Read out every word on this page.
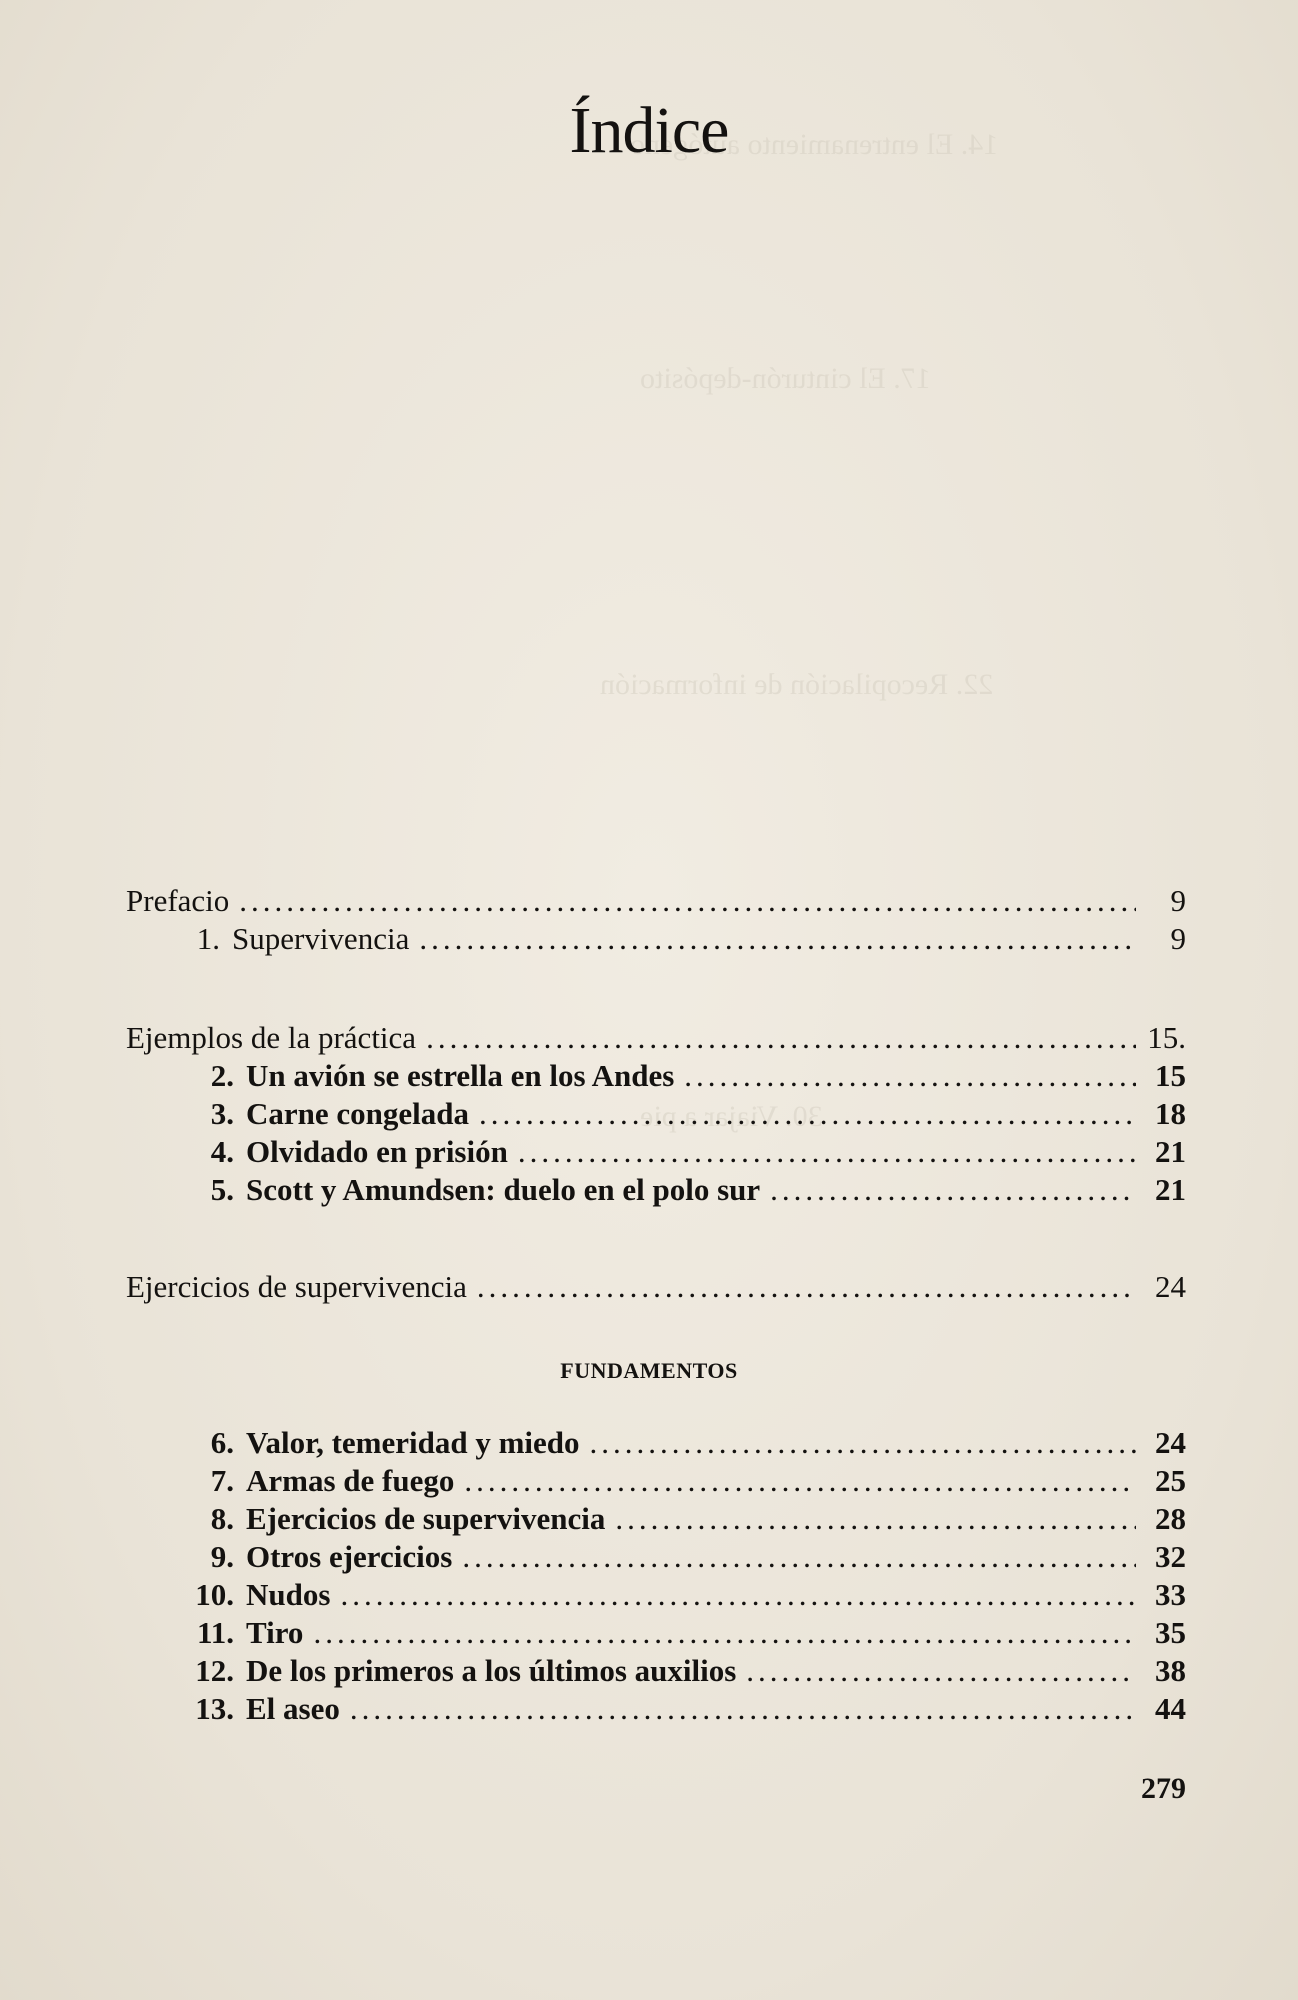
14. El entrenamiento autógeno
17. El cinturón-depósito
22. Recopilación de información
30. Viajar a pie
Índice
Prefacio .....	9
1. Supervivencia .....	9
Ejemplos de la práctica .....	15.
2. Un avión se estrella en los Andes .....	15
3. Carne congelada .....	18
4. Olvidado en prisión .....	21
5. Scott y Amundsen: duelo en el polo sur .....	21
Ejercicios de supervivencia .....	24
FUNDAMENTOS
6. Valor, temeridad y miedo .....	24
7. Armas de fuego .....	25
8. Ejercicios de supervivencia .....	28
9. Otros ejercicios .....	32
10. Nudos .....	33
11. Tiro .....	35
12. De los primeros a los últimos auxilios .....	38
13. El aseo .....	44
279
